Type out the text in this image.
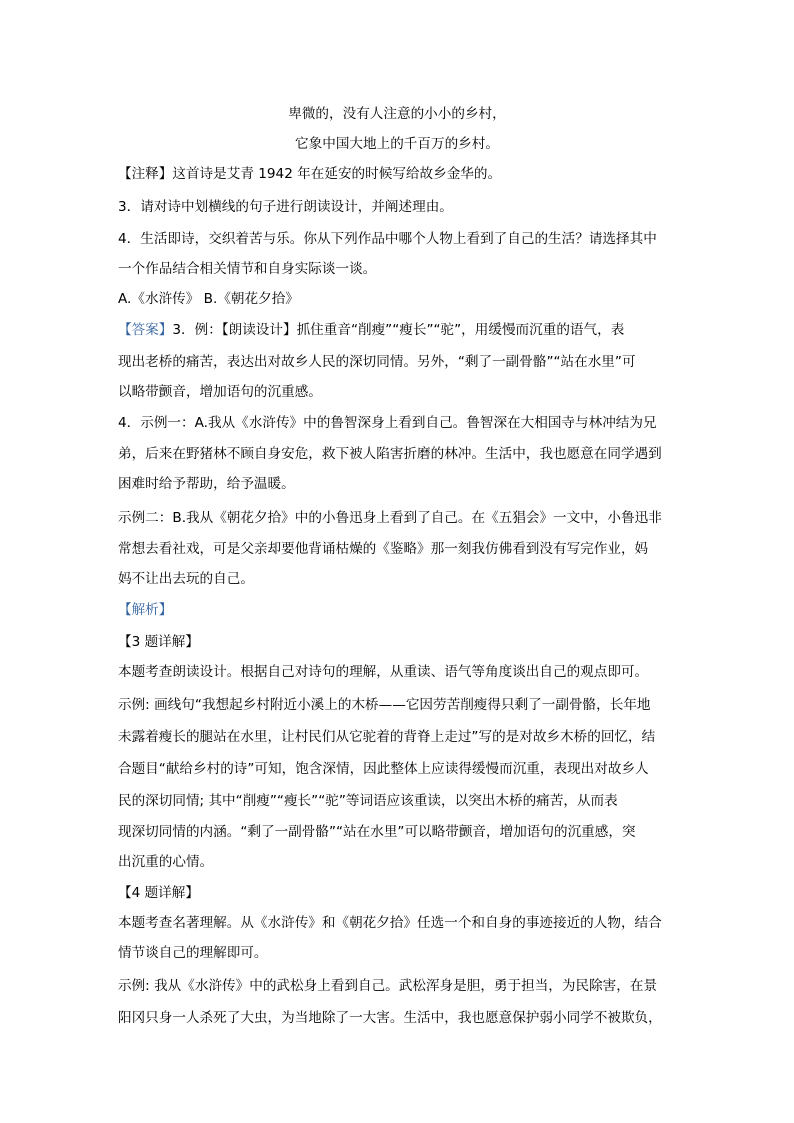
卑微的，没有人注意的小小的乡村，
它象中国大地上的千百万的乡村。
【注释】这首诗是艾青 1942 年在延安的时候写给故乡金华的。
3．请对诗中划横线的句子进行朗读设计，并阐述理由。
4．生活即诗，交织着苦与乐。你从下列作品中哪个人物上看到了自己的生活？请选择其中
一个作品结合相关情节和自身实际谈一谈。
A.《水浒传》 B.《朝花夕拾》
【答案】3．例：【朗读设计】抓住重音“削瘦”“瘦长”“驼”，用缓慢而沉重的语气，表
现出老桥的痛苦，表达出对故乡人民的深切同情。另外，“剩了一副骨骼”“站在水里”可
以略带颤音，增加语句的沉重感。
4．示例一：A.我从《水浒传》中的鲁智深身上看到自己。鲁智深在大相国寺与林冲结为兄
弟，后来在野猪林不顾自身安危，救下被人陷害折磨的林冲。生活中，我也愿意在同学遇到
困难时给予帮助，给予温暖。
示例二：B.我从《朝花夕拾》中的小鲁迅身上看到了自己。在《五猖会》一文中，小鲁迅非
常想去看社戏，可是父亲却要他背诵枯燥的《鉴略》那一刻我仿佛看到没有写完作业，妈
妈不让出去玩的自己。
【解析】
【3 题详解】
本题考查朗读设计。根据自己对诗句的理解，从重读、语气等角度谈出自己的观点即可。
示例: 画线句“我想起乡村附近小溪上的木桥——它因劳苦削瘦得只剩了一副骨骼，长年地
未露着瘦长的腿站在水里，让村民们从它驼着的背脊上走过”写的是对故乡木桥的回忆，结
合题目“献给乡村的诗”可知，饱含深情，因此整体上应读得缓慢而沉重，表现出对故乡人
民的深切同情; 其中“削瘦”“瘦长”“驼”等词语应该重读，以突出木桥的痛苦，从而表
现深切同情的内涵。“剩了一副骨骼”“站在水里”可以略带颤音，增加语句的沉重感，突
出沉重的心情。
【4 题详解】
本题考查名著理解。从《水浒传》和《朝花夕拾》任选一个和自身的事迹接近的人物，结合
情节谈自己的理解即可。
示例: 我从《水浒传》中的武松身上看到自己。武松浑身是胆，勇于担当，为民除害，在景
阳冈只身一人杀死了大虫，为当地除了一大害。生活中，我也愿意保护弱小同学不被欺负，
